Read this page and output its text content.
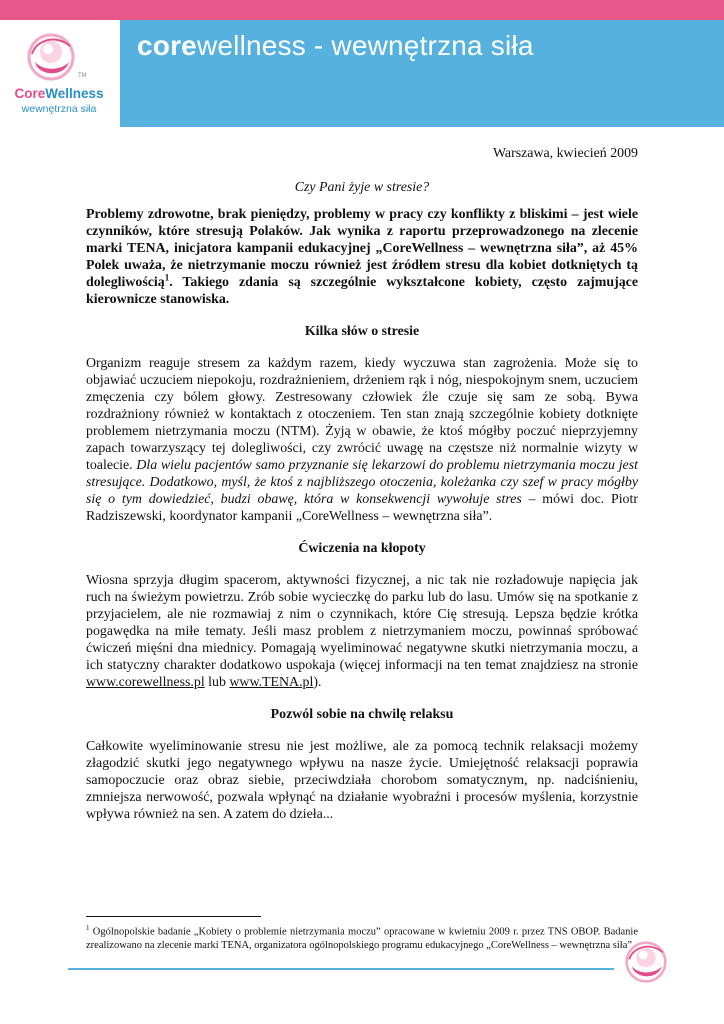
corewellness - wewnętrzna siła
TM
CoreWellness
wewnętrzna siła

Warszawa, kwiecień 2009

Czy Pani żyje w stresie?

Problemy zdrowotne, brak pieniędzy, problemy w pracy czy konflikty z bliskimi – jest wiele czynników, które stresują Polaków. Jak wynika z raportu przeprowadzonego na zlecenie marki TENA, inicjatora kampanii edukacyjnej „CoreWellness – wewnętrzna siła”, aż 45% Polek uważa, że nietrzymanie moczu również jest źródłem stresu dla kobiet dotkniętych tą dolegliwością$^1$. Takiego zdania są szczególnie wykształcone kobiety, często zajmujące kierownicze stanowiska.

Kilka słów o stresie

Organizm reaguje stresem za każdym razem, kiedy wyczuwa stan zagrożenia. Może się to objawiać uczuciem niepokoju, rozdrażnieniem, drżeniem rąk i nóg, niespokojnym snem, uczuciem zmęczenia czy bólem głowy. Zestresowany człowiek źle czuje się sam ze sobą. Bywa rozdrażniony również w kontaktach z otoczeniem. Ten stan znają szczególnie kobiety dotknięte problemem nietrzymania moczu (NTM). Żyją w obawie, że ktoś mógłby poczuć nieprzyjemny zapach towarzyszący tej dolegliwości, czy zwrócić uwagę na częstsze niż normalnie wizyty w toalecie. Dla wielu pacjentów samo przyznanie się lekarzowi do problemu nietrzymania moczu jest stresujące. Dodatkowo, myśl, że ktoś z najbliższego otoczenia, koleżanka czy szef w pracy mógłby się o tym dowiedzieć, budzi obawę, która w konsekwencji wywołuje stres – mówi doc. Piotr Radziszewski, koordynator kampanii „CoreWellness – wewnętrzna siła”.

Ćwiczenia na kłopoty

Wiosna sprzyja długim spacerom, aktywności fizycznej, a nic tak nie rozładowuje napięcia jak ruch na świeżym powietrzu. Zrób sobie wycieczkę do parku lub do lasu. Umów się na spotkanie z przyjacielem, ale nie rozmawiaj z nim o czynnikach, które Cię stresują. Lepsza będzie krótka pogawędka na miłe tematy. Jeśli masz problem z nietrzymaniem moczu, powinnaś spróbować ćwiczeń mięśni dna miednicy. Pomagają wyeliminować negatywne skutki nietrzymania moczu, a ich statyczny charakter dodatkowo uspokaja (więcej informacji na ten temat znajdziesz na stronie www.corewellness.pl lub www.TENA.pl).

Pozwól sobie na chwilę relaksu

Całkowite wyeliminowanie stresu nie jest możliwe, ale za pomocą technik relaksacji możemy złagodzić skutki jego negatywnego wpływu na nasze życie. Umiejętność relaksacji poprawia samopoczucie oraz obraz siebie, przeciwdziała chorobom somatycznym, np. nadciśnieniu, zmniejsza nerwowość, pozwala wpłynąć na działanie wyobraźni i procesów myślenia, korzystnie wpływa również na sen. A zatem do dzieła...

$^1$ Ogólnopolskie badanie „Kobiety o problemie nietrzymania moczu” opracowane w kwietniu 2009 r. przez TNS OBOP. Badanie zrealizowano na zlecenie marki TENA, organizatora ogólnopolskiego programu edukacyjnego „CoreWellness – wewnętrzna siła”.
